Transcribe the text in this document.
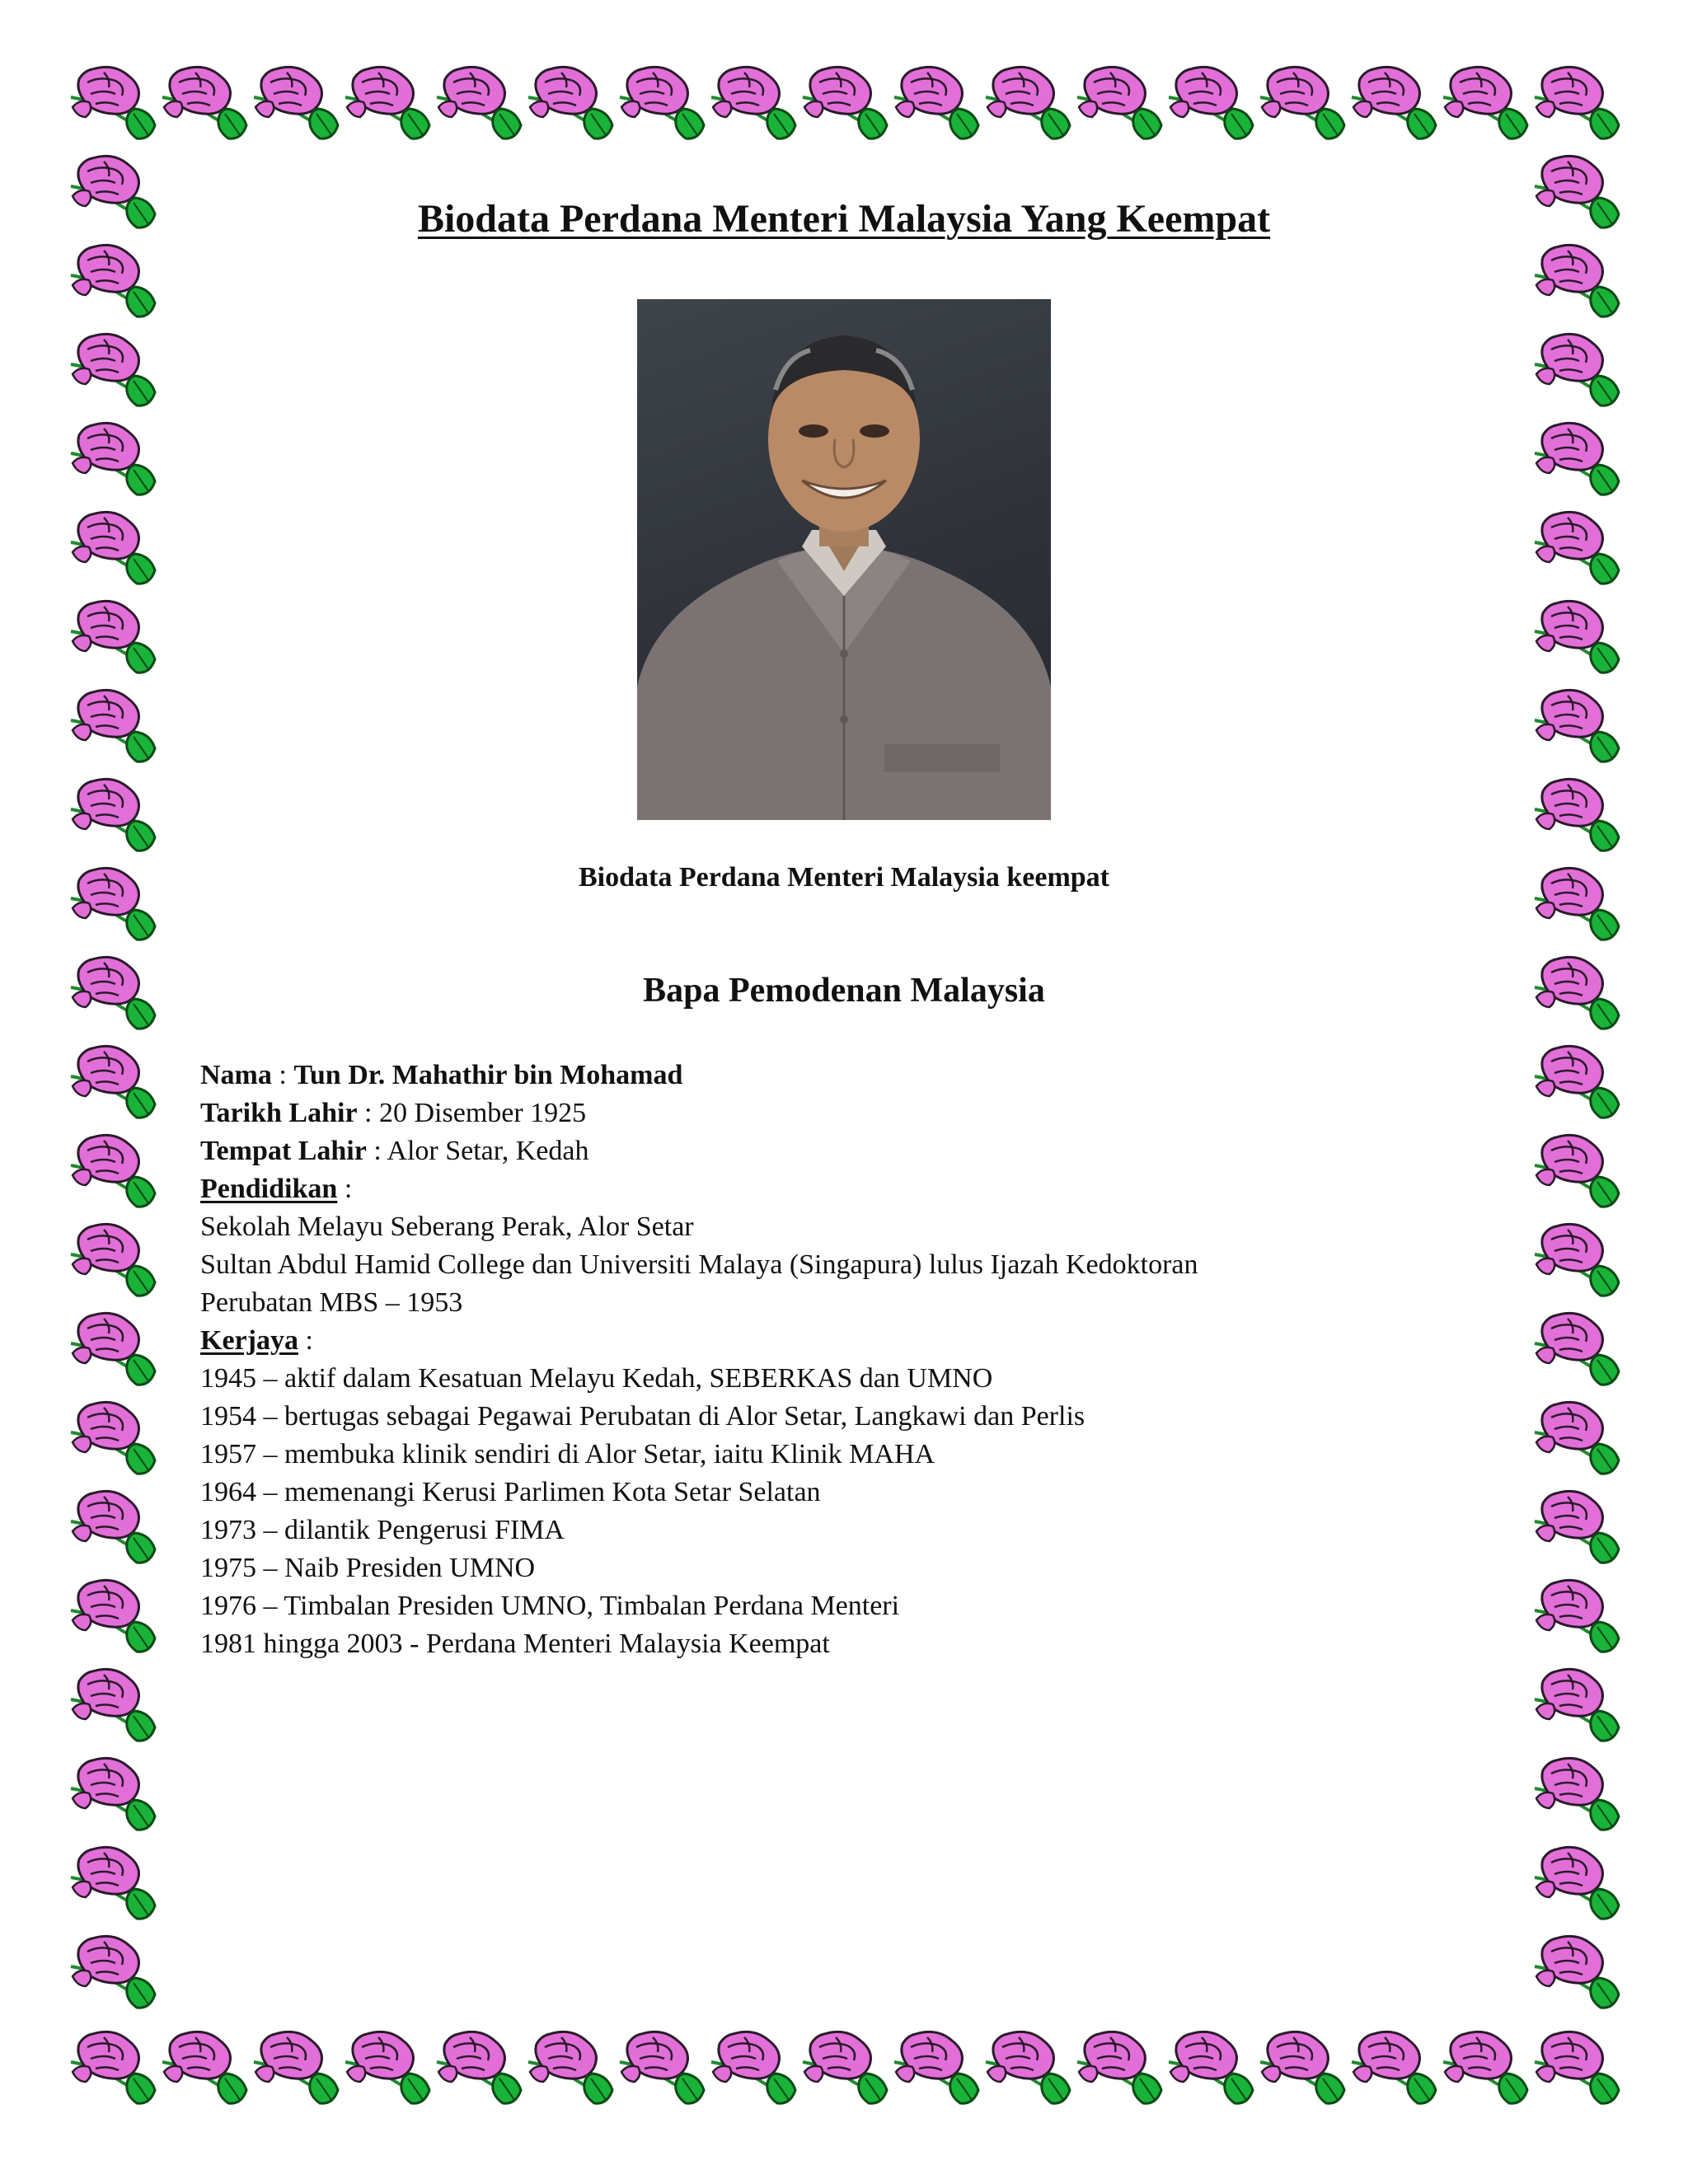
Biodata Perdana Menteri Malaysia Yang Keempat

Biodata Perdana Menteri Malaysia keempat

Bapa Pemodenan Malaysia
Nama : Tun Dr. Mahathir bin Mohamad
Tarikh Lahir : 20 Disember 1925
Tempat Lahir : Alor Setar, Kedah
Pendidikan :
Sekolah Melayu Seberang Perak, Alor Setar
Sultan Abdul Hamid College dan Universiti Malaya (Singapura) lulus Ijazah Kedoktoran
Perubatan MBS – 1953
Kerjaya :
1945 – aktif dalam Kesatuan Melayu Kedah, SEBERKAS dan UMNO
1954 – bertugas sebagai Pegawai Perubatan di Alor Setar, Langkawi dan Perlis
1957 – membuka klinik sendiri di Alor Setar, iaitu Klinik MAHA
1964 – memenangi Kerusi Parlimen Kota Setar Selatan
1973 – dilantik Pengerusi FIMA
1975 – Naib Presiden UMNO
1976 – Timbalan Presiden UMNO, Timbalan Perdana Menteri
1981 hingga 2003 - Perdana Menteri Malaysia Keempat
